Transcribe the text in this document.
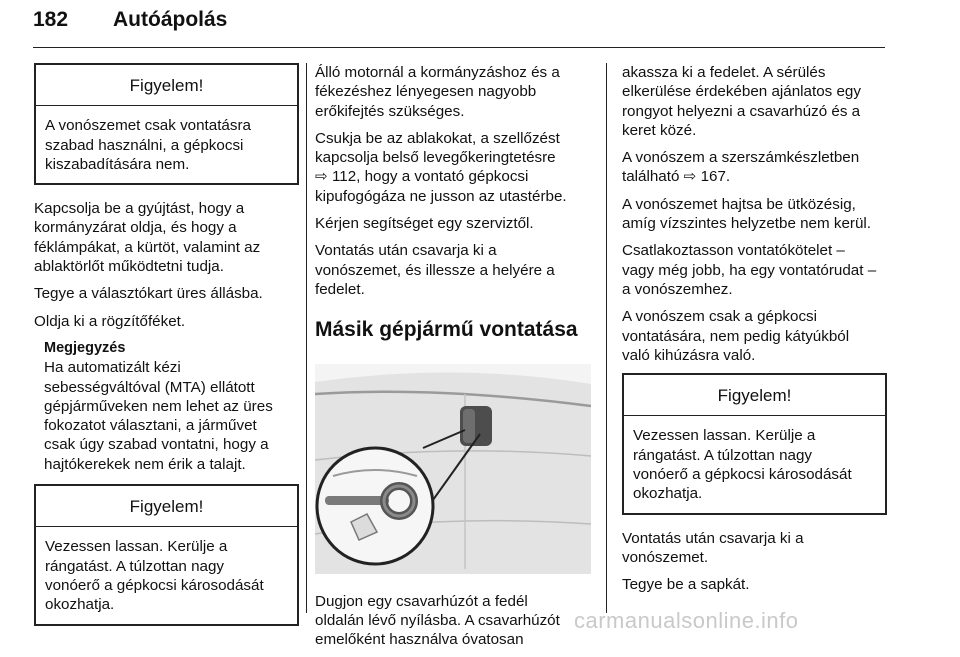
182 Autóápolás
Figyelem!
A vonószemet csak vontatásra
szabad használni, a gépkocsi
kiszabadítására nem.

Kapcsolja be a gyújtást, hogy a
kormányzárat oldja, és hogy a
féklámpákat, a kürtöt, valamint az
ablaktörlőt működtetni tudja.

Tegye a választókart üres állásba.

Oldja ki a rögzítőféket.

Megjegyzés
Ha automatizált kézi
sebességváltóval (MTA) ellátott
gépjárműveken nem lehet az üres
fokozatot választani, a járművet
csak úgy szabad vontatni, hogy a
hajtókerekek nem érik a talajt.
Figyelem!
Vezessen lassan. Kerülje a
rángatást. A túlzottan nagy
vonóerő a gépkocsi károsodását
okozhatja.

Álló motornál a kormányzáshoz és a
fékezéshez lényegesen nagyobb
erőkifejtés szükséges.

Csukja be az ablakokat, a szellőzést
kapcsolja belső levegőkeringtetésre
⇨ 112, hogy a vontató gépkocsi
kipufogógáza ne jusson az utastérbe.

Kérjen segítséget egy szerviztől.

Vontatás után csavarja ki a
vonószemet, és illessze a helyére a
fedelet.

Másik gépjármű vontatása

Dugjon egy csavarhúzót a fedél
oldalán lévő nyílásba. A csavarhúzót
emelőként használva óvatosan

akassza ki a fedelet. A sérülés
elkerülése érdekében ajánlatos egy
rongyot helyezni a csavarhúzó és a
keret közé.

A vonószem a szerszámkészletben
található ⇨ 167.

A vonószemet hajtsa be ütközésig,
amíg vízszintes helyzetbe nem kerül.

Csatlakoztasson vontatókötelet –
vagy még jobb, ha egy vontatórudat –
a vonószemhez.

A vonószem csak a gépkocsi
vontatására, nem pedig kátyúkból
való kihúzásra való.

Figyelem!
Vezessen lassan. Kerülje a
rángatást. A túlzottan nagy
vonóerő a gépkocsi károsodását
okozhatja.

Vontatás után csavarja ki a
vonószemet.

Tegye be a sapkát.

carmanualsonline.info
